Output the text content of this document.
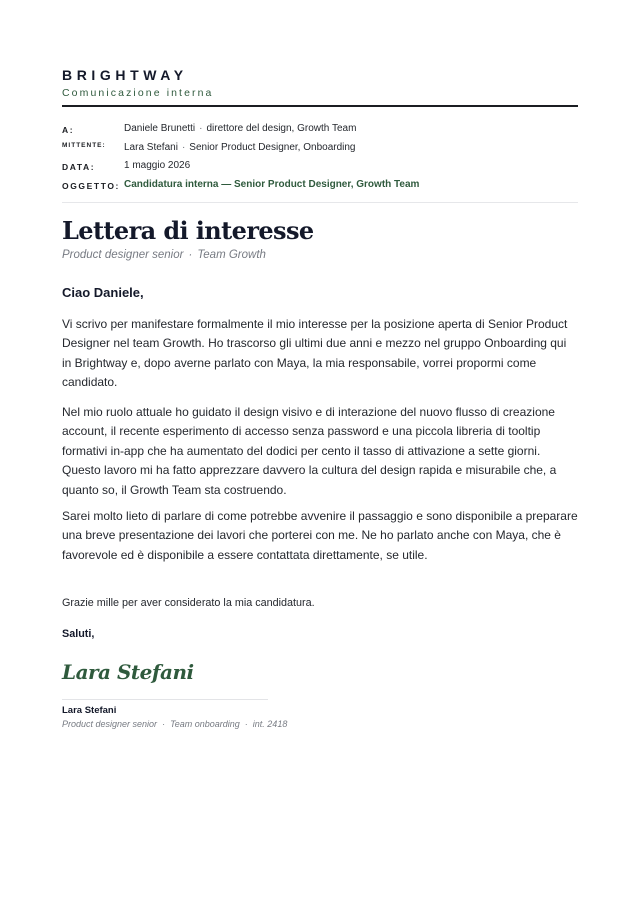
BRIGHTWAY
Comunicazione interna
A:	Daniele Brunetti · direttore del design, Growth Team
MITTENTE: Lara Stefani · Senior Product Designer, Onboarding
DATA:	1 maggio 2026
OGGETTO: Candidatura interna — Senior Product Designer, Growth Team
Lettera di interesse
Product designer senior · Team Growth
Ciao Daniele,
Vi scrivo per manifestare formalmente il mio interesse per la posizione aperta di Senior Product Designer nel team Growth. Ho trascorso gli ultimi due anni e mezzo nel gruppo Onboarding qui in Brightway e, dopo averne parlato con Maya, la mia responsabile, vorrei propormi come candidato.
Nel mio ruolo attuale ho guidato il design visivo e di interazione del nuovo flusso di creazione account, il recente esperimento di accesso senza password e una piccola libreria di tooltip formativi in-app che ha aumentato del dodici per cento il tasso di attivazione a sette giorni. Questo lavoro mi ha fatto apprezzare davvero la cultura del design rapida e misurabile che, a quanto so, il Growth Team sta costruendo.
Sarei molto lieto di parlare di come potrebbe avvenire il passaggio e sono disponibile a preparare una breve presentazione dei lavori che porterei con me. Ne ho parlato anche con Maya, che è favorevole ed è disponibile a essere contattata direttamente, se utile.
Grazie mille per aver considerato la mia candidatura.
Saluti,
Lara Stefani
Lara Stefani
Product designer senior · Team onboarding · int. 2418
